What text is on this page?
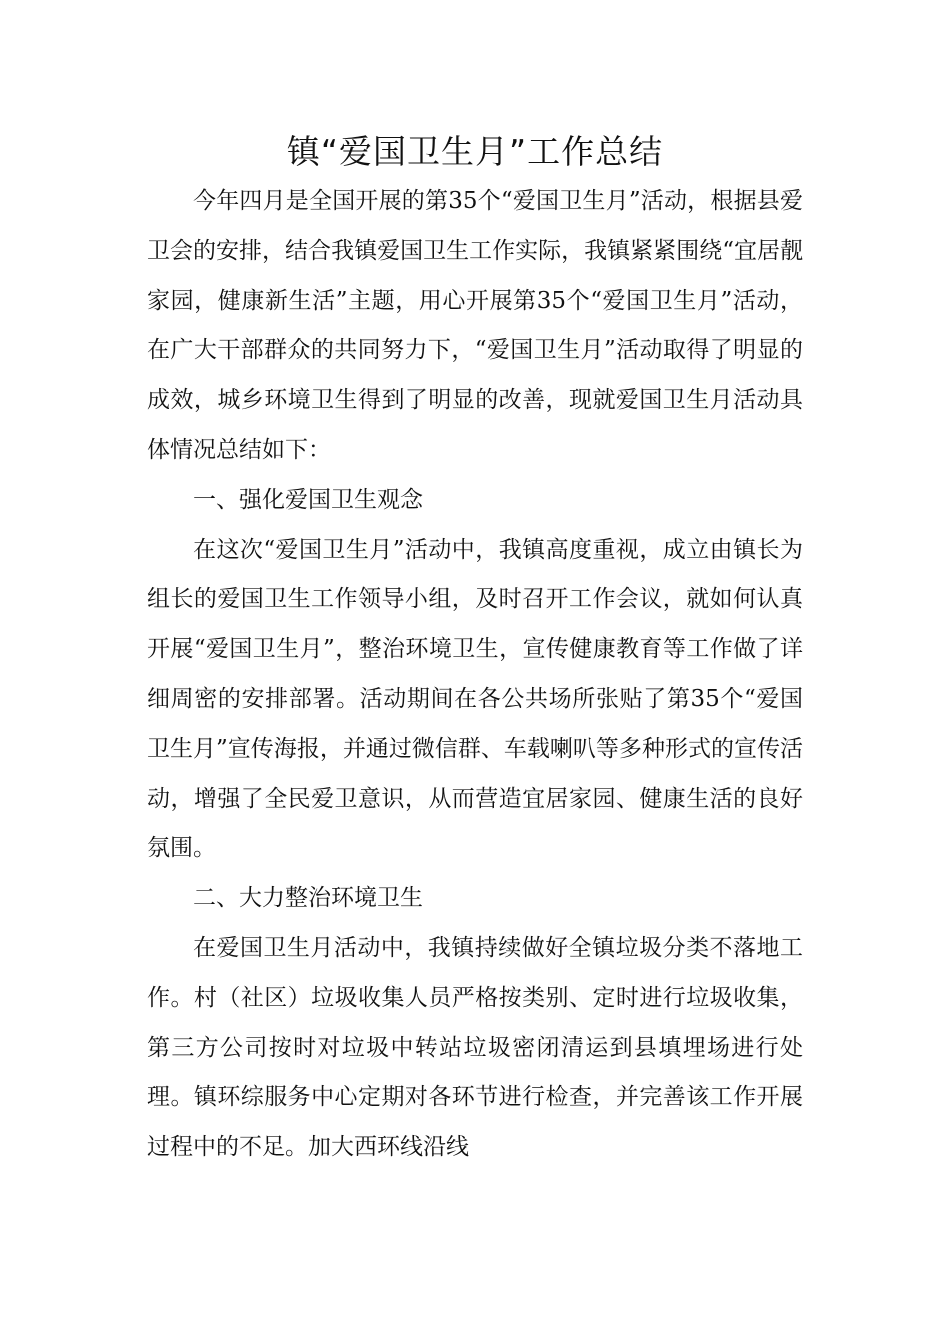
镇“爱国卫生月”工作总结

今年四月是全国开展的第35个“爱国卫生月”活动，根据县爱卫会的安排，结合我镇爱国卫生工作实际，我镇紧紧围绕“宜居靓家园，健康新生活”主题，用心开展第35个“爱国卫生月”活动，在广大干部群众的共同努力下，“爱国卫生月”活动取得了明显的成效，城乡环境卫生得到了明显的改善，现就爱国卫生月活动具体情况总结如下：

一、强化爱国卫生观念

在这次“爱国卫生月”活动中，我镇高度重视，成立由镇长为组长的爱国卫生工作领导小组，及时召开工作会议，就如何认真开展“爱国卫生月”，整治环境卫生，宣传健康教育等工作做了详细周密的安排部署。活动期间在各公共场所张贴了第35个“爱国卫生月”宣传海报，并通过微信群、车载喇叭等多种形式的宣传活动，增强了全民爱卫意识，从而营造宜居家园、健康生活的良好氛围。

二、大力整治环境卫生

在爱国卫生月活动中，我镇持续做好全镇垃圾分类不落地工作。村（社区）垃圾收集人员严格按类别、定时进行垃圾收集，第三方公司按时对垃圾中转站垃圾密闭清运到县填埋场进行处理。镇环综服务中心定期对各环节进行检查，并完善该工作开展过程中的不足。加大西环线沿线
